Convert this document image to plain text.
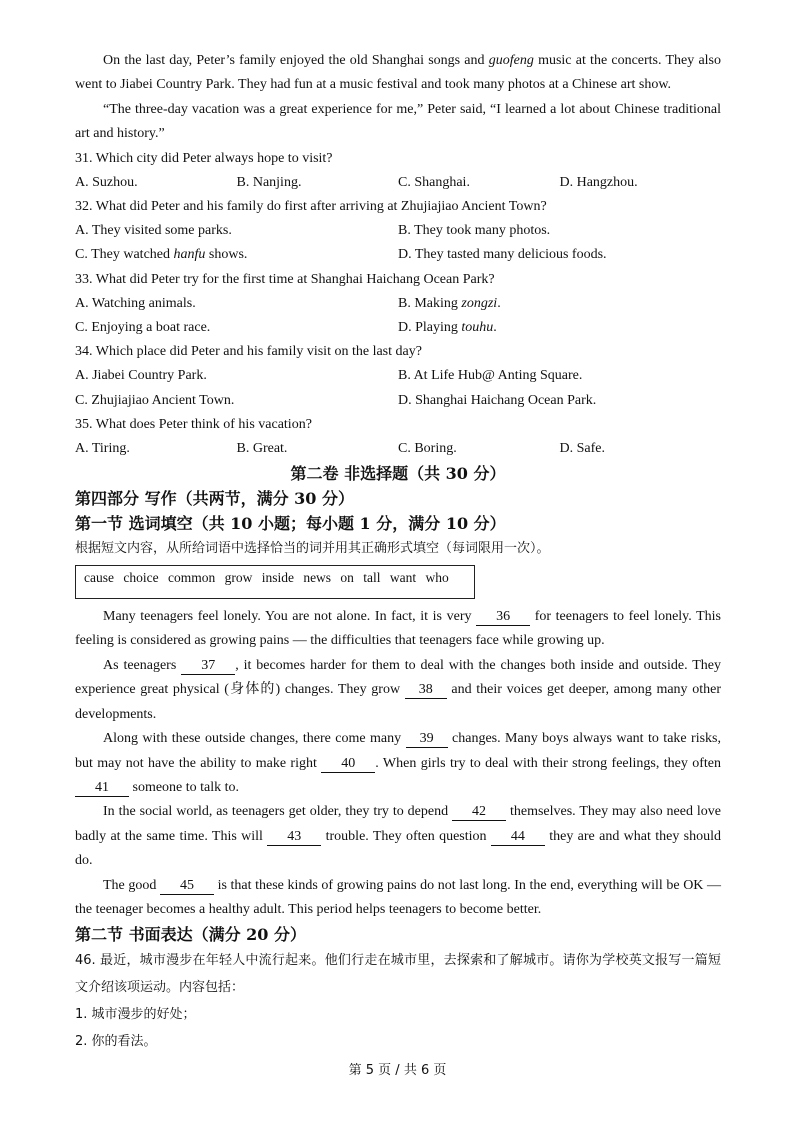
On the last day, Peter’s family enjoyed the old Shanghai songs and guofeng music at the concerts. They also went to Jiabei Country Park. They had fun at a music festival and took many photos at a Chinese art show.
“The three-day vacation was a great experience for me,” Peter said, “I learned a lot about Chinese traditional art and history.”
31. Which city did Peter always hope to visit?
A. Suzhou.	B. Nanjing.	C. Shanghai.	D. Hangzhou.
32. What did Peter and his family do first after arriving at Zhujiajiao Ancient Town?
A. They visited some parks.	B. They took many photos.
C. They watched hanfu shows.	D. They tasted many delicious foods.
33. What did Peter try for the first time at Shanghai Haichang Ocean Park?
A. Watching animals.	B. Making zongzi.
C. Enjoying a boat race.	D. Playing touhu.
34. Which place did Peter and his family visit on the last day?
A. Jiabei Country Park.	B. At Life Hub@ Anting Square.
C. Zhujiajiao Ancient Town.	D. Shanghai Haichang Ocean Park.
35. What does Peter think of his vacation?
A. Tiring.	B. Great.	C. Boring.	D. Safe.
第二卷 非选择题（共 30 分）
第四部分 写作（共两节，满分 30 分）
第一节 选词填空（共 10 小题；每小题 1 分，满分 10 分）
根据短文内容，从所给词语中选择恰当的词并用其正确形式填空（每词限用一次）。
cause choice common grow inside news on tall want who
Many teenagers feel lonely. You are not alone. In fact, it is very 36 for teenagers to feel lonely. This feeling is considered as growing pains — the difficulties that teenagers face while growing up.
As teenagers 37 , it becomes harder for them to deal with the changes both inside and outside. They experience great physical (身体的) changes. They grow 38 and their voices get deeper, among many other developments.
Along with these outside changes, there come many 39 changes. Many boys always want to take risks, but may not have the ability to make right 40 . When girls try to deal with their strong feelings, they often 41 someone to talk to.
In the social world, as teenagers get older, they try to depend 42 themselves. They may also need love badly at the same time. This will 43 trouble. They often question 44 they are and what they should do.
The good 45 is that these kinds of growing pains do not last long. In the end, everything will be OK — the teenager becomes a healthy adult. This period helps teenagers to become better.
第二节 书面表达（满分 20 分）
46. 最近，城市漫步在年轻人中流行起来。他们行走在城市里，去探索和了解城市。请你为学校英文报写一篇短文介绍该项运动。内容包括：
1. 城市漫步的好处；
2. 你的看法。
第 5 页 / 共 6 页
